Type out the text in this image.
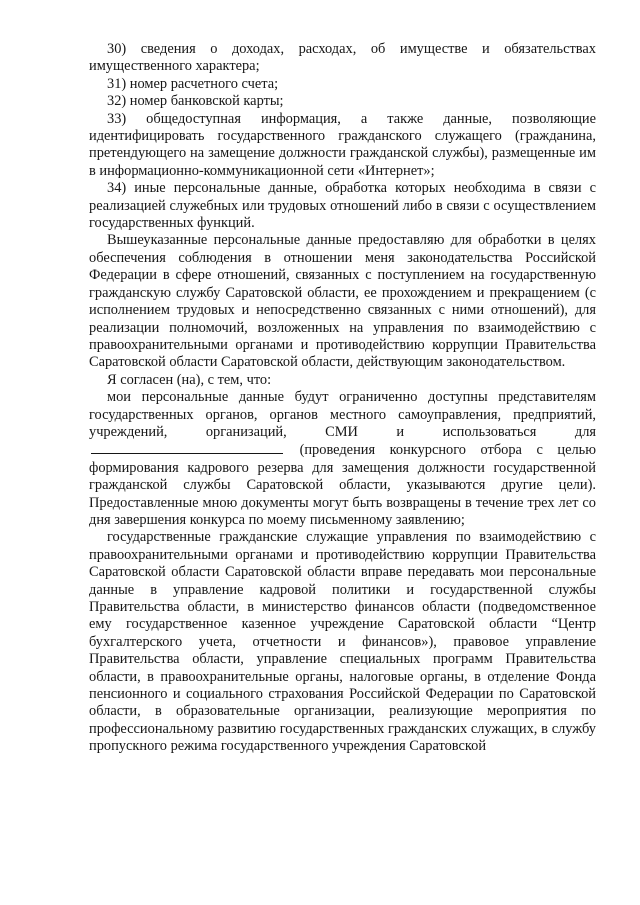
30) сведения о доходах, расходах, об имуществе и обязательствах имущественного характера;

31) номер расчетного счета;

32) номер банковской карты;

33) общедоступная информация, а также данные, позволяющие идентифицировать государственного гражданского служащего (гражданина, претендующего на замещение должности гражданской службы), размещенные им в информационно-коммуникационной сети «Интернет»;

34) иные персональные данные, обработка которых необходима в связи с реализацией служебных или трудовых отношений либо в связи с осуществлением государственных функций.

Вышеуказанные персональные данные предоставляю для обработки в целях обеспечения соблюдения в отношении меня законодательства Российской Федерации в сфере отношений, связанных с поступлением на государственную гражданскую службу Саратовской области, ее прохождением и прекращением (с исполнением трудовых и непосредственно связанных с ними отношений), для реализации полномочий, возложенных на управления по взаимодействию с правоохранительными органами и противодействию коррупции Правительства Саратовской области Саратовской области, действующим законодательством.

Я согласен (на), с тем, что:

мои персональные данные будут ограниченно доступны представителям государственных органов, органов местного самоуправления, предприятий, учреждений, организаций, СМИ и использоваться для  (проведения конкурсного отбора с целью формирования кадрового резерва для замещения должности государственной гражданской службы Саратовской области, указываются другие цели). Предоставленные мною документы могут быть возвращены в течение трех лет со дня завершения конкурса по моему письменному заявлению;

государственные гражданские служащие управления по взаимодействию с правоохранительными органами и противодействию коррупции Правительства Саратовской области Саратовской области вправе передавать мои персональные данные в управление кадровой политики и государственной службы Правительства области, в министерство финансов области (подведомственное ему государственное казенное учреждение Саратовской области “Центр бухгалтерского учета, отчетности и финансов»), правовое управление Правительства области, управление специальных программ Правительства области, в правоохранительные органы, налоговые органы, в отделение Фонда пенсионного и социального страхования Российской Федерации по Саратовской области, в образовательные организации, реализующие мероприятия по профессиональному развитию государственных гражданских служащих, в службу пропускного режима государственного учреждения Саратовской
